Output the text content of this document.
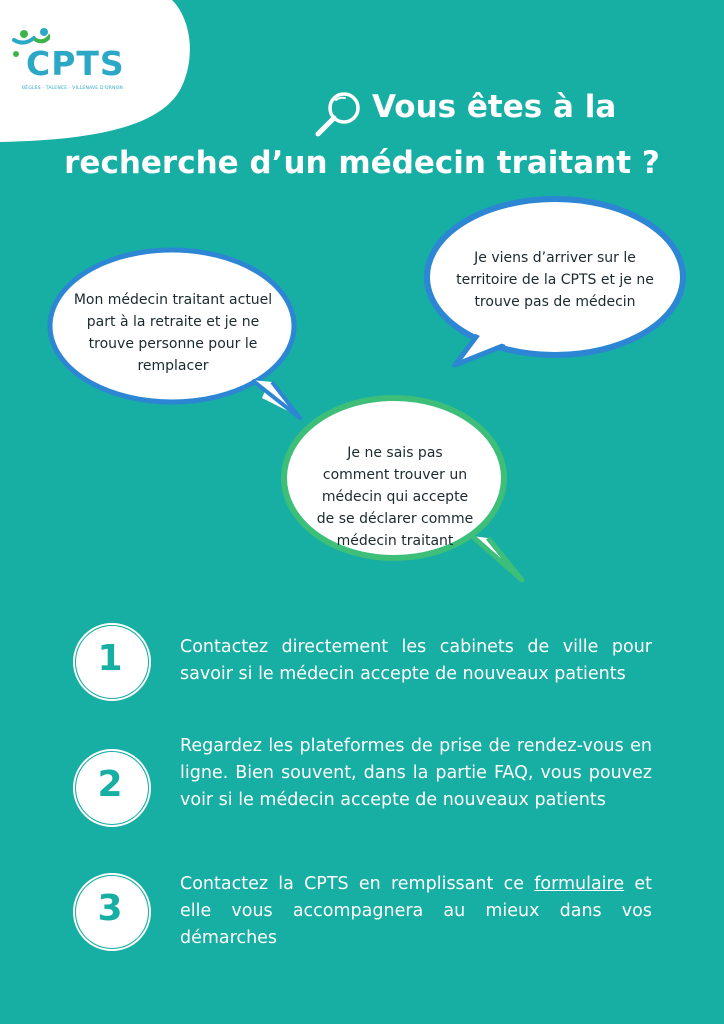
CPTS
BÈGLES · TALENCE · VILLENAVE D'ORNON
Vous êtes à la
recherche d’un médecin traitant ?
Mon médecin traitant actuel part à la retraite et je ne trouve personne pour le remplacer
Je viens d’arriver sur le territoire de la CPTS et je ne trouve pas de médecin
Je ne sais pas comment trouver un médecin qui accepte de se déclarer comme médecin traitant
1	Contactez directement les cabinets de ville pour savoir si le médecin accepte de nouveaux patients
2
Regardez les plateformes de prise de rendez-vous en ligne. Bien souvent, dans la partie FAQ, vous pouvez voir si le médecin accepte de nouveaux patients
3
Contactez la CPTS en remplissant ce formulaire et elle vous accompagnera au mieux dans vos démarches
